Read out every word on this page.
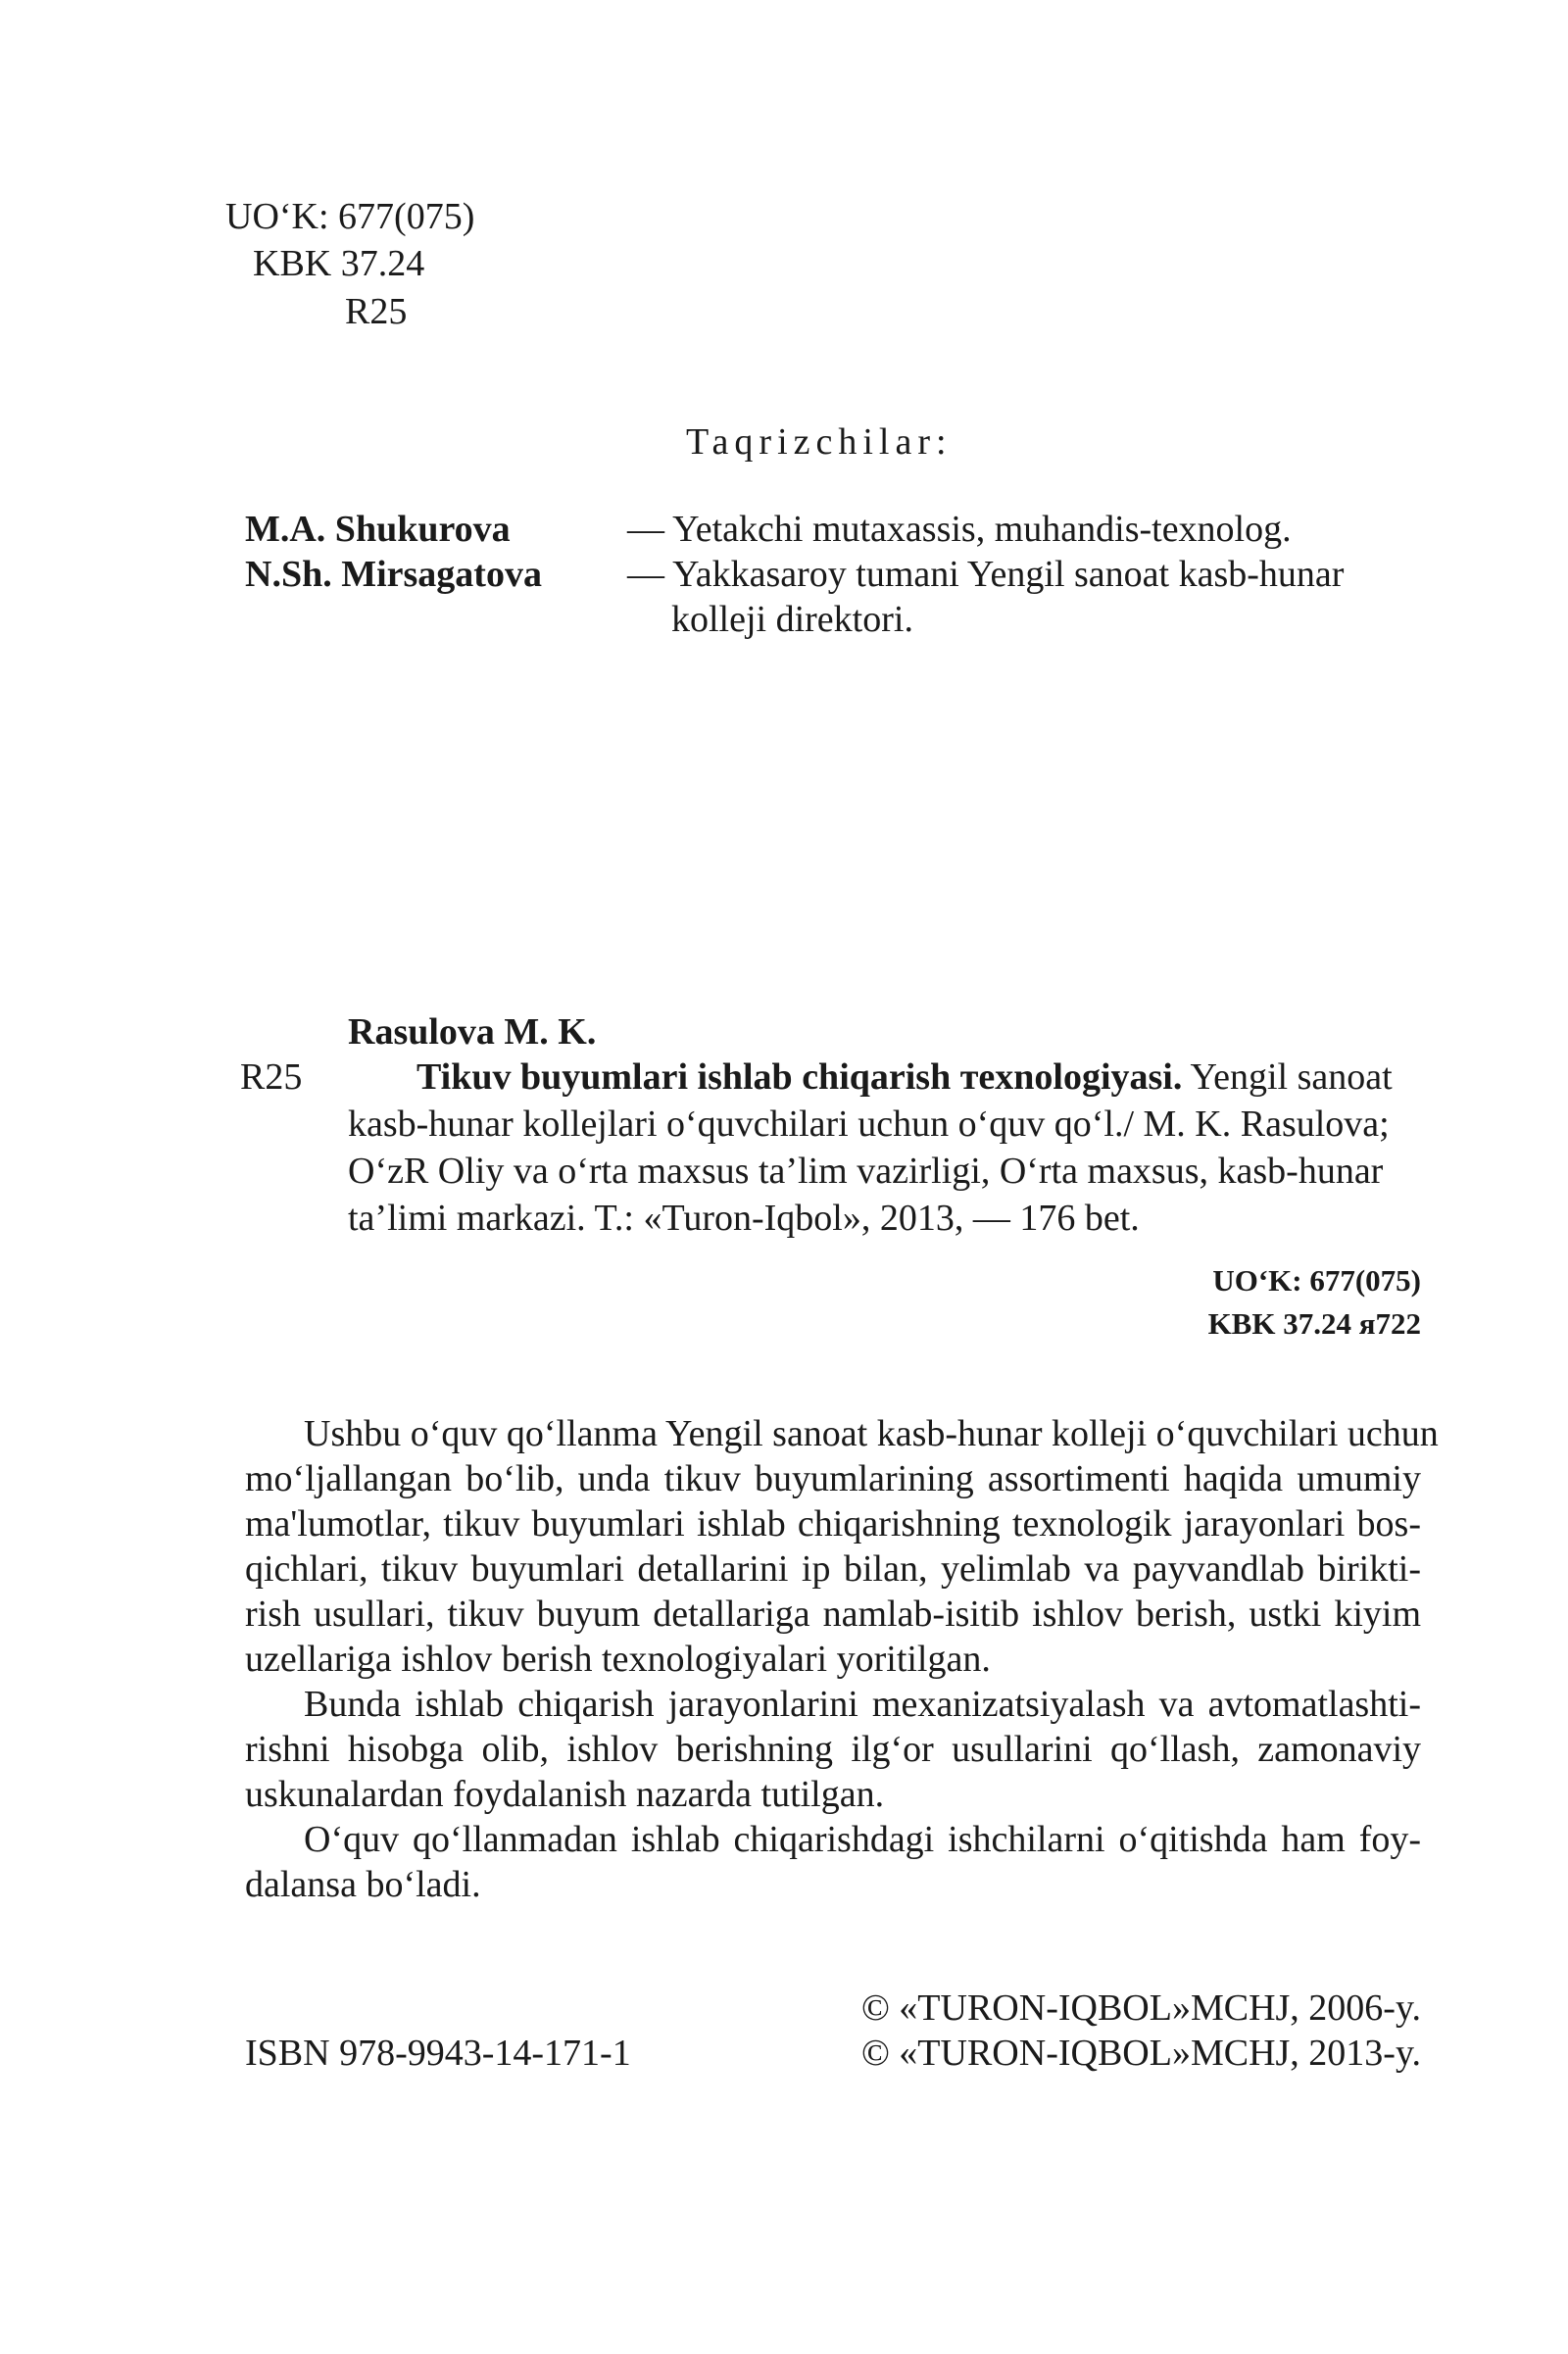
UO‘K: 677(075)
KBK 37.24
R25
Taqrizchilar:
M.A. Shukurova	— Yetakchi mutaxassis, muhandis-texnolog.
N.Sh. Mirsagatova — Yakkasaroy tumani Yengil sanoat kasb-hunar
kolleji direktori.
Rasulova M. K.
R25	Tikuv buyumlari ishlab chiqarish тexnologiyasi. Yengil sanoat
kasb-hunar kollejlari o‘quvchilari uchun o‘quv qo‘l./ M. K. Rasulova;
O‘zR Oliy va o‘rta maxsus ta’lim vazirligi, O‘rta maxsus, kasb-hunar
ta’limi markazi. T.: «Turon-Iqbol», 2013, — 176 bet.
UO‘K: 677(075)
KBK 37.24 я722
Ushbu o‘quv qo‘llanma Yengil sanoat kasb-hunar kolleji o‘quvchilari uchun
mo‘ljallangan bo‘lib, unda tikuv buyumlarining assortimenti haqida umumiy
ma'lumotlar, tikuv buyumlari ishlab chiqarishning texnologik jarayonlari bos-
qichlari, tikuv buyumlari detallarini ip bilan, yelimlab va payvandlab birikti-
rish usullari, tikuv buyum detallariga namlab-isitib ishlov berish, ustki kiyim
uzellariga ishlov berish texnologiyalari yoritilgan.
Bunda ishlab chiqarish jarayonlarini mexanizatsiyalash va avtomatlashti-
rishni hisobga olib, ishlov berishning ilg‘or usullarini qo‘llash, zamonaviy
uskunalardan foydalanish nazarda tutilgan.
O‘quv qo‘llanmadan ishlab chiqarishdagi ishchilarni o‘qitishda ham foy-
dalansa bo‘ladi.
ISBN 978-9943-14-171-1
© «TURON-IQBOL»MCHJ, 2006-y.
© «TURON-IQBOL»MCHJ, 2013-y.
